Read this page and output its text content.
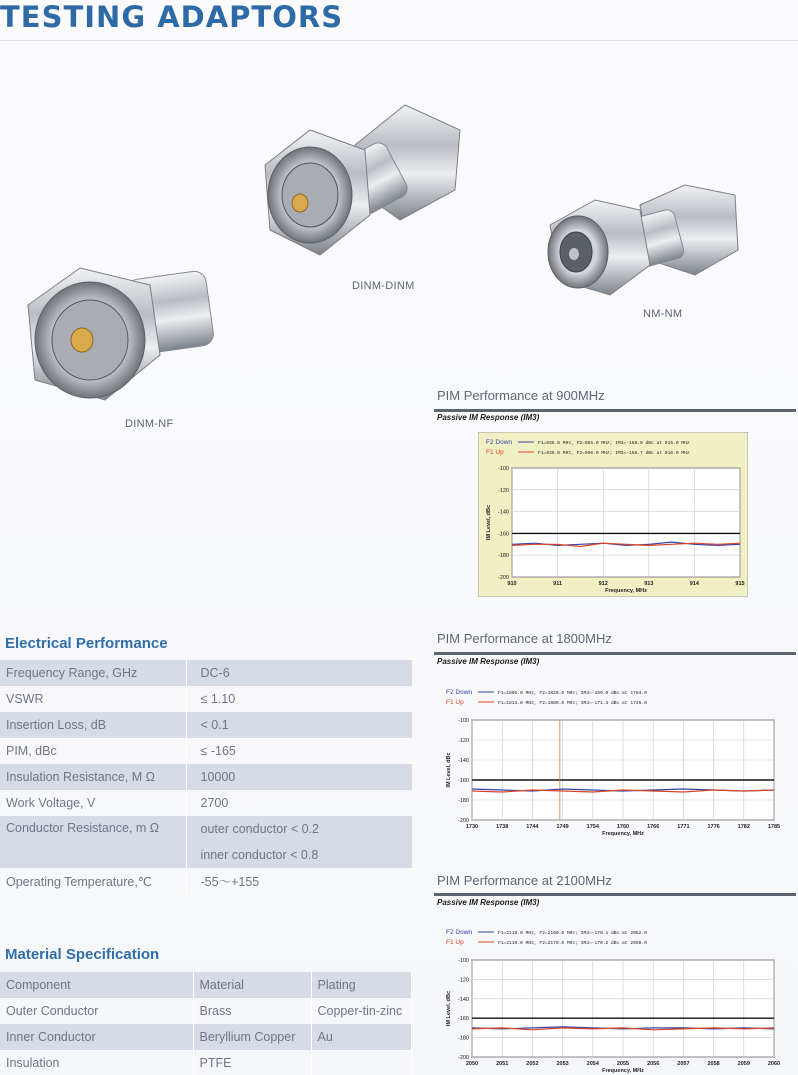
TESTING ADAPTORS
DINM-DINM
NM-NM
DINM-NF
PIM Performance at 900MHz
Passive IM Response (IM3)
F2 Down	F1=935.0 MHz, F2=955.0 MHz; IM3=-168.0 dBc at 915.0 MHz
F1 Up	F1=935.0 MHz, F2=960.0 MHz; IM3=-168.7 dBc at 910.0 MHz
-100
-120
-140
-160
-180
-200
910	911	912	913	914	915
Frequency, MHz
IM Level, dBc
PIM Performance at 1800MHz
Passive IM Response (IM3)
F2 Down	F1=1805.0 MHz, F2=1820.0 MHz; IM3=-169.0 dBc at 1784.0
F1 Up	F1=1813.0 MHz, F2=1880.0 MHz; IM3=-171.3 dBc at 1746.0
-100
-120
-140
-160
-180
-200
1730	1738	1744	1749	1754	1760	1766	1771	1776	1782	1785
Frequency, MHz
IM Level, dBc
PIM Performance at 2100MHz
Passive IM Response (IM3)
F2 Down	F1=2110.0 MHz, F2=2160.0 MHz; IM3=-170.1 dBc at 2052.0
F1 Up	F1=2110.0 MHz, F2=2170.0 MHz; IM3=-170.2 dBc at 2050.0
-100
-120
-140
-160
-180
-200
2050	2051	2052	2053	2054	2055	2056	2057	2058	2059	2060
Frequency, MHz
IM Level, dBc
Electrical Performance
Frequency Range, GHz	DC-6
VSWR	≤ 1.10
Insertion Loss, dB	< 0.1
PIM, dBc	≤ -165
Insulation Resistance, M Ω	10000
Work Voltage, V	2700
Conductor Resistance, m Ω	outer conductor < 0.2
	inner conductor < 0.8
Operating Temperature,℃	-55～+155
Material Specification
Component	Material	Plating
Outer Conductor	Brass	Copper-tin-zinc
Inner Conductor	Beryllium Copper	Au
Insulation	PTFE	
